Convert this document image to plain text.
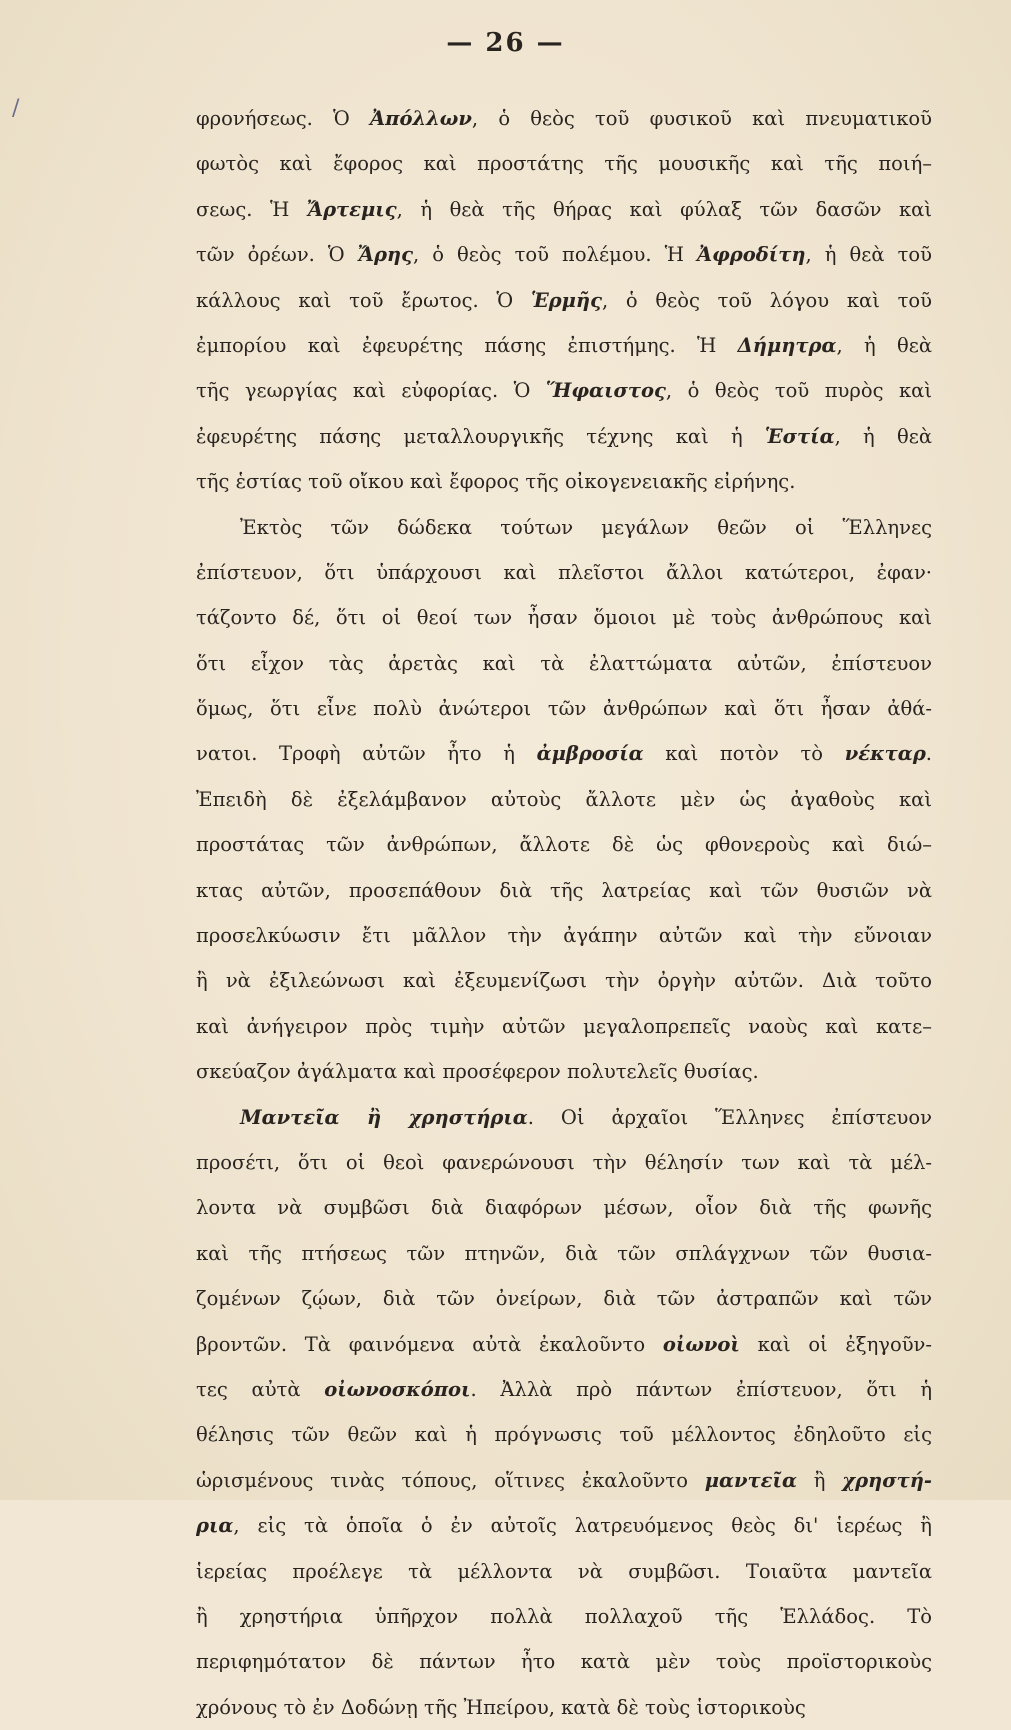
— 26 —
/	φρονήσεως. Ὁ Ἀπόλλων, ὁ θεὸς τοῦ φυσικοῦ καὶ πνευματικοῦ
φωτὸς καὶ ἔφορος καὶ προστάτης τῆς μουσικῆς καὶ τῆς ποιή–
σεως. Ἡ Ἄρτεμις, ἡ θεὰ τῆς θήρας καὶ φύλαξ τῶν δασῶν καὶ
τῶν ὀρέων. Ὁ Ἄρης, ὁ θεὸς τοῦ πολέμου. Ἡ Ἀφροδίτη, ἡ θεὰ τοῦ
κάλλους καὶ τοῦ ἔρωτος. Ὁ Ἑρμῆς, ὁ θεὸς τοῦ λόγου καὶ τοῦ
ἐμπορίου καὶ ἐφευρέτης πάσης ἐπιστήμης. Ἡ Δήμητρα, ἡ θεὰ
τῆς γεωργίας καὶ εὐφορίας. Ὁ Ἥφαιστος, ὁ θεὸς τοῦ πυρὸς καὶ
ἐφευρέτης πάσης μεταλλουργικῆς τέχνης καὶ ἡ Ἑστία, ἡ θεὰ
τῆς ἑστίας τοῦ οἴκου καὶ ἔφορος τῆς οἰκογενειακῆς εἰρήνης.
Ἐκτὸς τῶν δώδεκα τούτων μεγάλων θεῶν οἱ Ἕλληνες
ἐπίστευον, ὅτι ὑπάρχουσι καὶ πλεῖστοι ἄλλοι κατώτεροι, ἐφαν·
τάζοντο δέ, ὅτι οἱ θεοί των ἦσαν ὅμοιοι μὲ τοὺς ἀνθρώπους καὶ
ὅτι εἶχον τὰς ἀρετὰς καὶ τὰ ἐλαττώματα αὐτῶν, ἐπίστευον
ὅμως, ὅτι εἶνε πολὺ ἀνώτεροι τῶν ἀνθρώπων καὶ ὅτι ἦσαν ἀθά-
νατοι. Τροφὴ αὐτῶν ἦτο ἡ ἀμβροσία καὶ ποτὸν τὸ νέκταρ.
Ἐπειδὴ δὲ ἐξελάμβανον αὐτοὺς ἄλλοτε μὲν ὡς ἀγαθοὺς καὶ
προστάτας τῶν ἀνθρώπων, ἄλλοτε δὲ ὡς φθονεροὺς καὶ διώ–
κτας αὐτῶν, προσεπάθουν διὰ τῆς λατρείας καὶ τῶν θυσιῶν νὰ
προσελκύωσιν ἔτι μᾶλλον τὴν ἀγάπην αὐτῶν καὶ τὴν εὔνοιαν
ἢ νὰ ἐξιλεώνωσι καὶ ἐξευμενίζωσι τὴν ὀργὴν αὐτῶν. Διὰ τοῦτο
καὶ ἀνήγειρον πρὸς τιμὴν αὐτῶν μεγαλοπρεπεῖς ναοὺς καὶ κατε–
σκεύαζον ἀγάλματα καὶ προσέφερον πολυτελεῖς θυσίας.
Μαντεῖα ἢ χρηστήρια. Οἱ ἀρχαῖοι Ἕλληνες ἐπίστευον
προσέτι, ὅτι οἱ θεοὶ φανερώνουσι τὴν θέλησίν των καὶ τὰ μέλ-
λοντα νὰ συμβῶσι διὰ διαφόρων μέσων, οἷον διὰ τῆς φωνῆς
καὶ τῆς πτήσεως τῶν πτηνῶν, διὰ τῶν σπλάγχνων τῶν θυσια-
ζομένων ζῴων, διὰ τῶν ὀνείρων, διὰ τῶν ἀστραπῶν καὶ τῶν
βροντῶν. Τὰ φαινόμενα αὐτὰ ἐκαλοῦντο οἰωνοὶ καὶ οἱ ἐξηγοῦν-
τες αὐτὰ οἰωνοσκόποι. Ἀλλὰ πρὸ πάντων ἐπίστευον, ὅτι ἡ
θέλησις τῶν θεῶν καὶ ἡ πρόγνωσις τοῦ μέλλοντος ἐδηλοῦτο εἰς
ὡρισμένους τινὰς τόπους, οἵτινες ἐκαλοῦντο μαντεῖα ἢ χρηστή-
ρια, εἰς τὰ ὁποῖα ὁ ἐν αὐτοῖς λατρευόμενος θεὸς δι' ἱερέως ἢ
ἱερείας προέλεγε τὰ μέλλοντα νὰ συμβῶσι. Τοιαῦτα μαντεῖα
ἢ χρηστήρια ὑπῆρχον πολλὰ πολλαχοῦ τῆς Ἑλλάδος. Τὸ
περιφημότατον δὲ πάντων ἦτο κατὰ μὲν τοὺς προϊστορικοὺς
χρόνους τὸ ἐν Δοδώνῃ τῆς Ἠπείρου, κατὰ δὲ τοὺς ἱστορικοὺς
